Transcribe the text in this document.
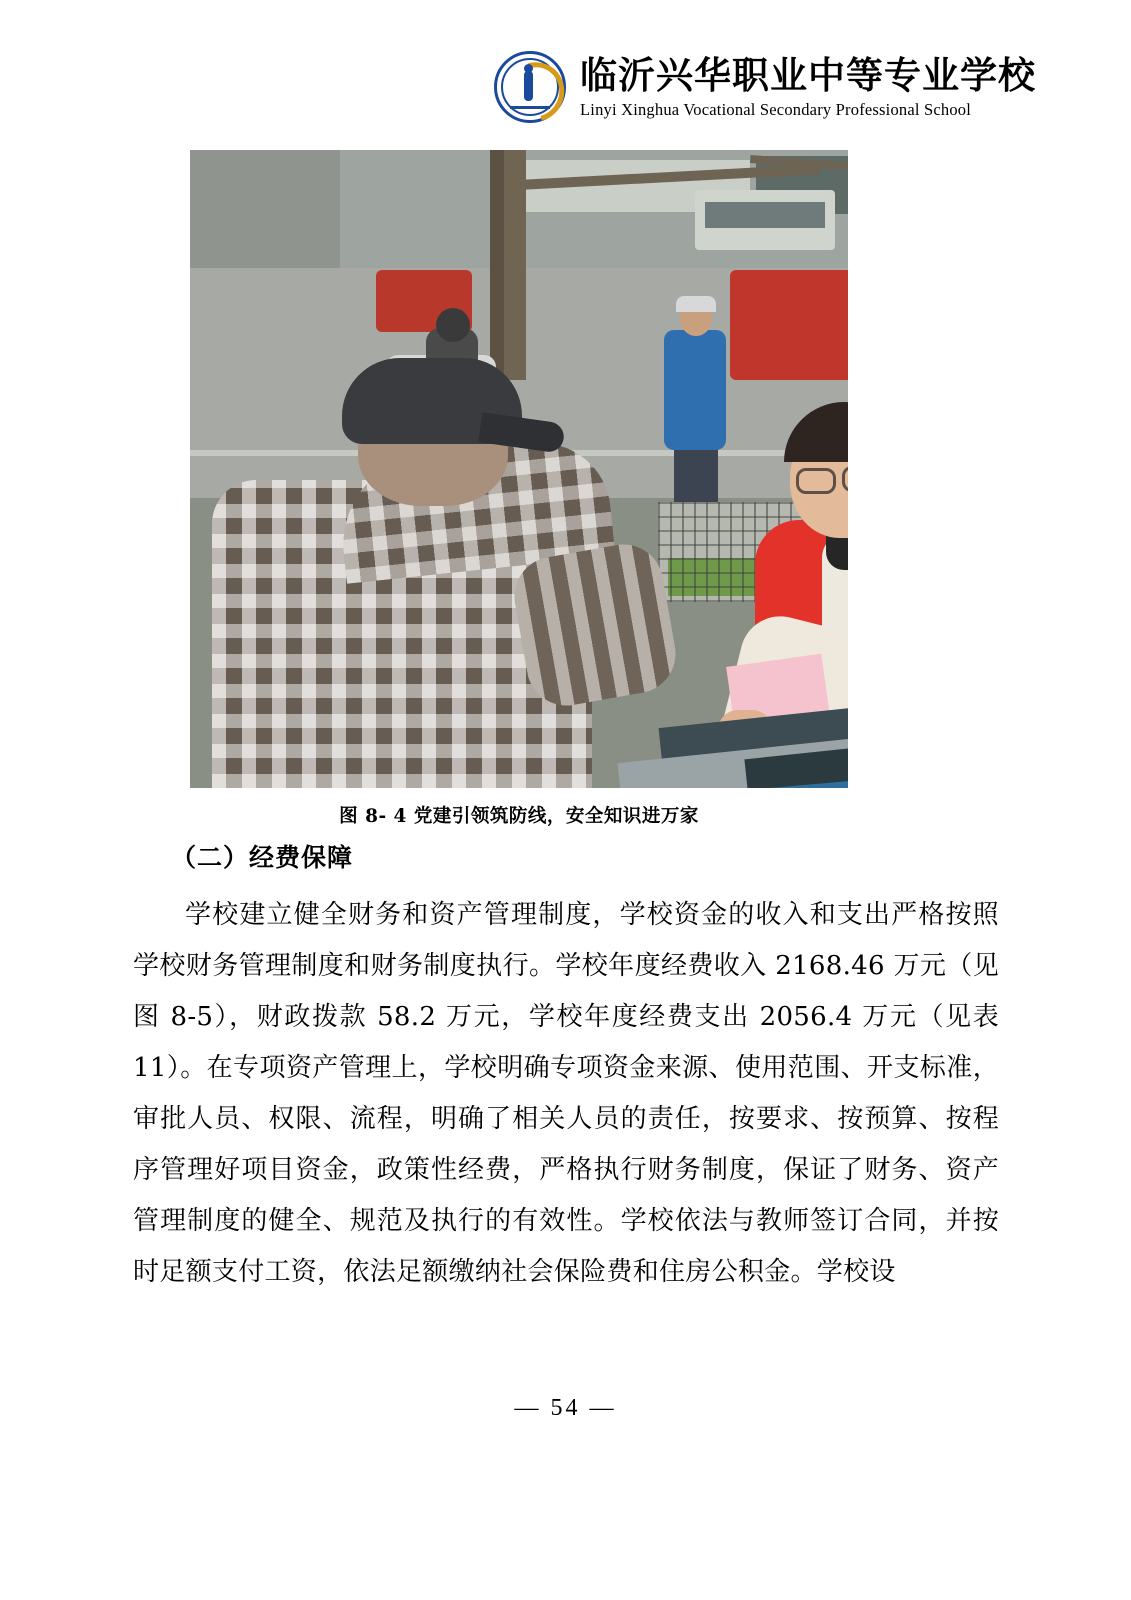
临沂兴华职业中等专业学校
Linyi Xinghua Vocational Secondary Professional School
图 8- 4 党建引领筑防线，安全知识进万家
（二）经费保障

学校建立健全财务和资产管理制度，学校资金的收入和支出严格按照学校财务管理制度和财务制度执行。学校年度经费收入 2168.46 万元（见图 8-5），财政拨款 58.2 万元，学校年度经费支出 2056.4 万元（见表 11）。在专项资产管理上，学校明确专项资金来源、使用范围、开支标准，审批人员、权限、流程，明确了相关人员的责任，按要求、按预算、按程序管理好项目资金，政策性经费，严格执行财务制度，保证了财务、资产管理制度的健全、规范及执行的有效性。学校依法与教师签订合同，并按时足额支付工资，依法足额缴纳社会保险费和住房公积金。学校设

— 54 —
